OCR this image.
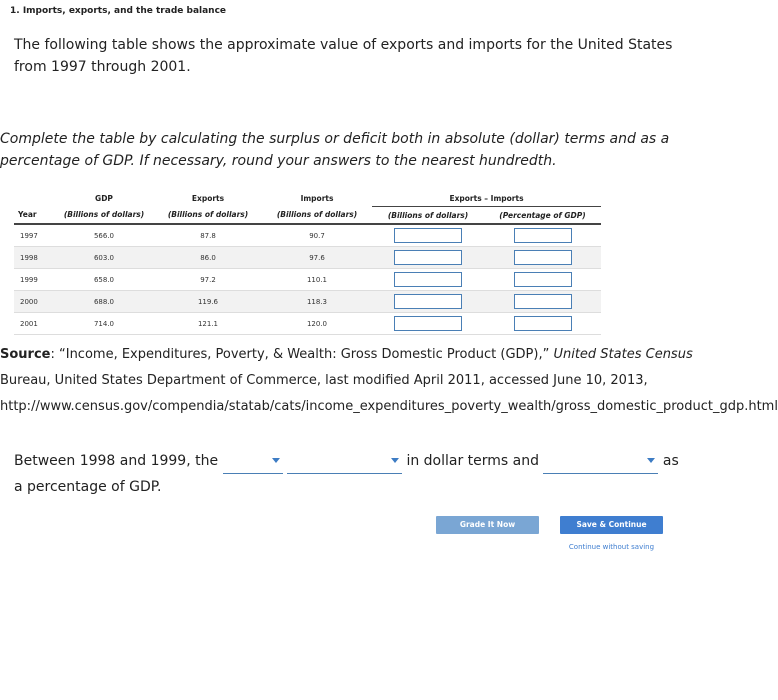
1. Imports, exports, and the trade balance
The following table shows the approximate value of exports and imports for the United States
from 1997 through 2001.
Complete the table by calculating the surplus or deficit both in absolute (dollar) terms and as a
percentage of GDP. If necessary, round your answers to the nearest hundredth.
	GDP	Exports	Imports	Exports – Imports	
Year	(Billions of dollars)	(Billions of dollars)	(Billions of dollars)	(Billions of dollars)	(Percentage of GDP)
1997	566.0	87.8	90.7		
1998	603.0	86.0	97.6		
1999	658.0	97.2	110.1		
2000	688.0	119.6	118.3		
2001	714.0	121.1	120.0		
Source: “Income, Expenditures, Poverty, & Wealth: Gross Domestic Product (GDP),” United States Census
Bureau, United States Department of Commerce, last modified April 2011, accessed June 10, 2013,
http://www.census.gov/compendia/statab/cats/income_expenditures_poverty_wealth/gross_domestic_product_gdp.html
Between 1998 and 1999, the
	in dollar terms and	as
a percentage of GDP.
Grade It Now	Save & Continue
Continue without saving
